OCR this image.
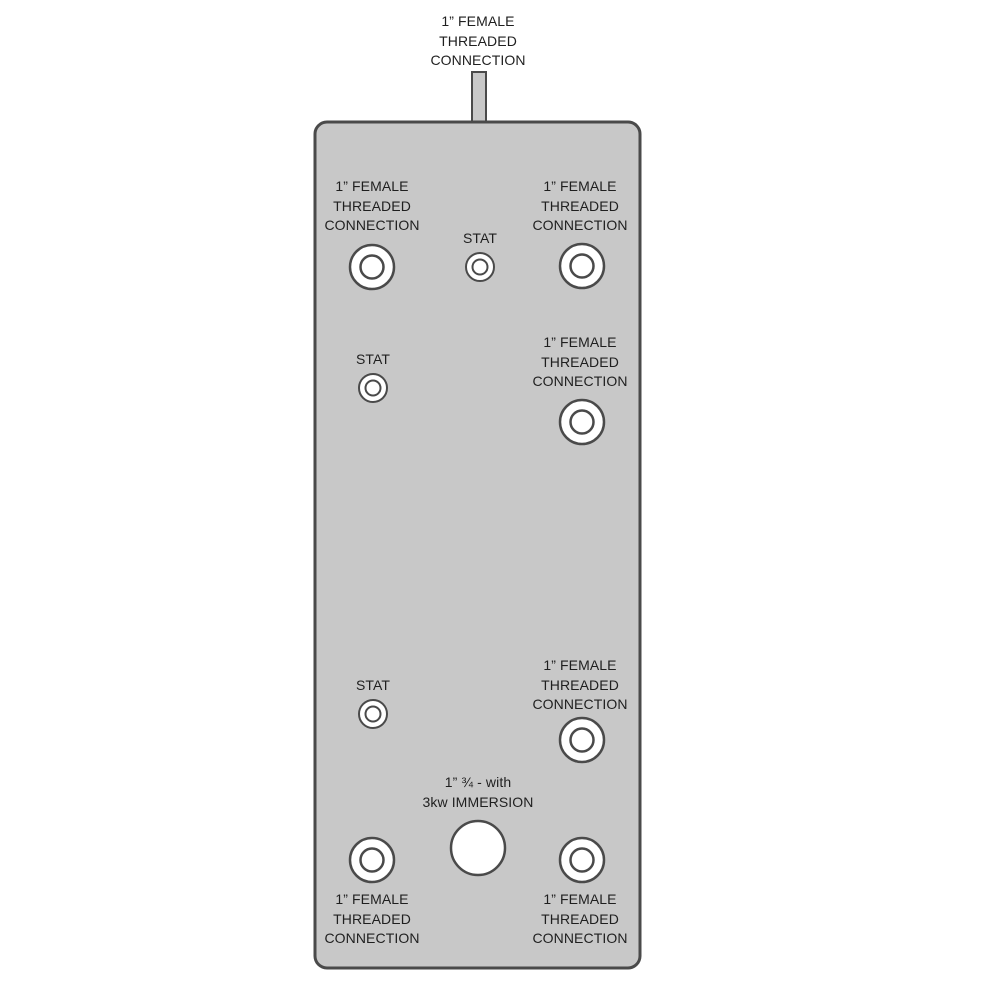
1” FEMALE
THREADED
CONNECTION
1” FEMALE
THREADED
CONNECTION
STAT
1” FEMALE
THREADED
CONNECTION
STAT
1” FEMALE
THREADED
CONNECTION
STAT
1” FEMALE
THREADED
CONNECTION
1” ¾ - with
3kw IMMERSION
1” FEMALE
THREADED
CONNECTION
1” FEMALE
THREADED
CONNECTION
